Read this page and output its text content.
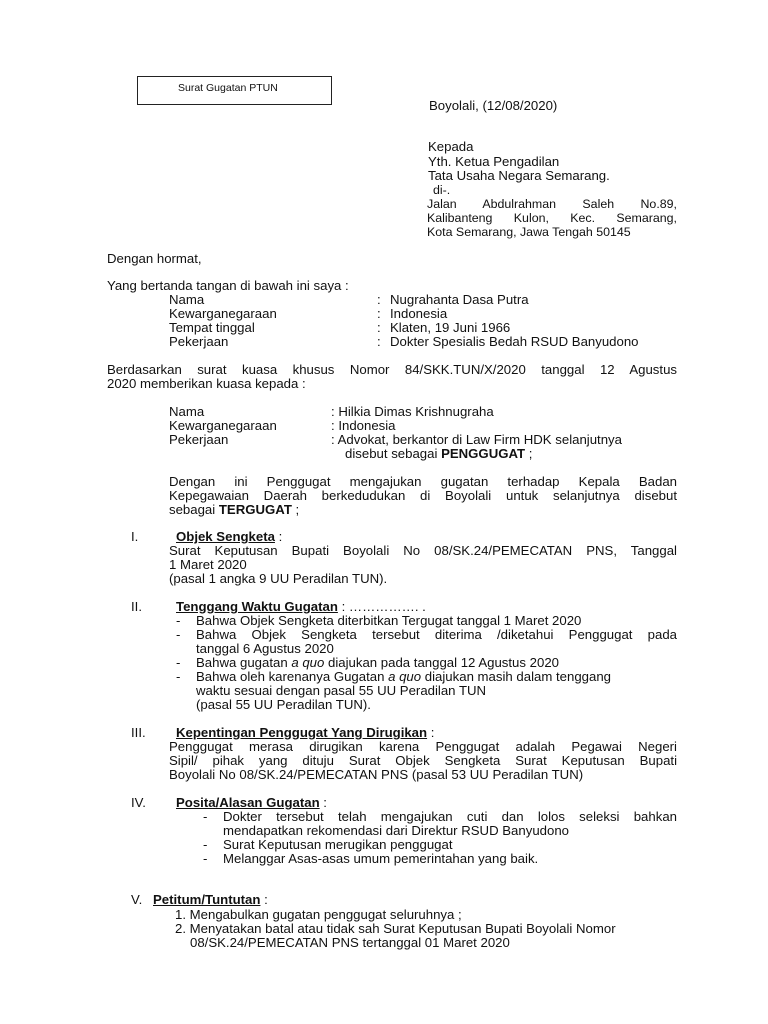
Surat Gugatan PTUN
Boyolali, (12/08/2020)
Kepada
Yth. Ketua Pengadilan
Tata Usaha Negara Semarang.
di-.
Jalan Abdulrahman Saleh No.89,
Kalibanteng Kulon, Kec. Semarang,
Kota Semarang, Jawa Tengah 50145
Dengan hormat,
Yang bertanda tangan di bawah ini saya :
Nama	: Nugrahanta Dasa Putra
Kewarganegaraan	: Indonesia
Tempat tinggal	: Klaten, 19 Juni 1966
Pekerjaan	: Dokter Spesialis Bedah RSUD Banyudono
Berdasarkan surat kuasa khusus Nomor 84/SKK.TUN/X/2020 tanggal 12 Agustus
2020 memberikan kuasa kepada :
Nama	: Hilkia Dimas Krishnugraha
Kewarganegaraan	: Indonesia
Pekerjaan	: Advokat, berkantor di Law Firm HDK selanjutnya
disebut sebagai PENGGUGAT ;
Dengan ini Penggugat mengajukan gugatan terhadap Kepala Badan
Kepegawaian Daerah berkedudukan di Boyolali untuk selanjutnya disebut
sebagai TERGUGAT ;
I.	Objek Sengketa :
Surat Keputusan Bupati Boyolali No 08/SK.24/PEMECATAN PNS, Tanggal
1 Maret 2020
(pasal 1 angka 9 UU Peradilan TUN).
II.	Tenggang Waktu Gugatan : ……………. .
- Bahwa Objek Sengketa diterbitkan Tergugat tanggal 1 Maret 2020
- Bahwa Objek Sengketa tersebut diterima /diketahui Penggugat pada
tanggal 6 Agustus 2020
- Bahwa gugatan a quo diajukan pada tanggal 12 Agustus 2020
- Bahwa oleh karenanya Gugatan a quo diajukan masih dalam tenggang
waktu sesuai dengan pasal 55 UU Peradilan TUN
(pasal 55 UU Peradilan TUN).
III. Kepentingan Penggugat Yang Dirugikan :
Penggugat merasa dirugikan karena Penggugat adalah Pegawai Negeri
Sipil/ pihak yang dituju Surat Objek Sengketa Surat Keputusan Bupati
Boyolali No 08/SK.24/PEMECATAN PNS (pasal 53 UU Peradilan TUN)
IV. Posita/Alasan Gugatan :
- Dokter tersebut telah mengajukan cuti dan lolos seleksi bahkan
mendapatkan rekomendasi dari Direktur RSUD Banyudono
- Surat Keputusan merugikan penggugat
- Melanggar Asas-asas umum pemerintahan yang baik.
V. Petitum/Tuntutan :
1. Mengabulkan gugatan penggugat seluruhnya ;
2. Menyatakan batal atau tidak sah Surat Keputusan Bupati Boyolali Nomor
08/SK.24/PEMECATAN PNS tertanggal 01 Maret 2020
